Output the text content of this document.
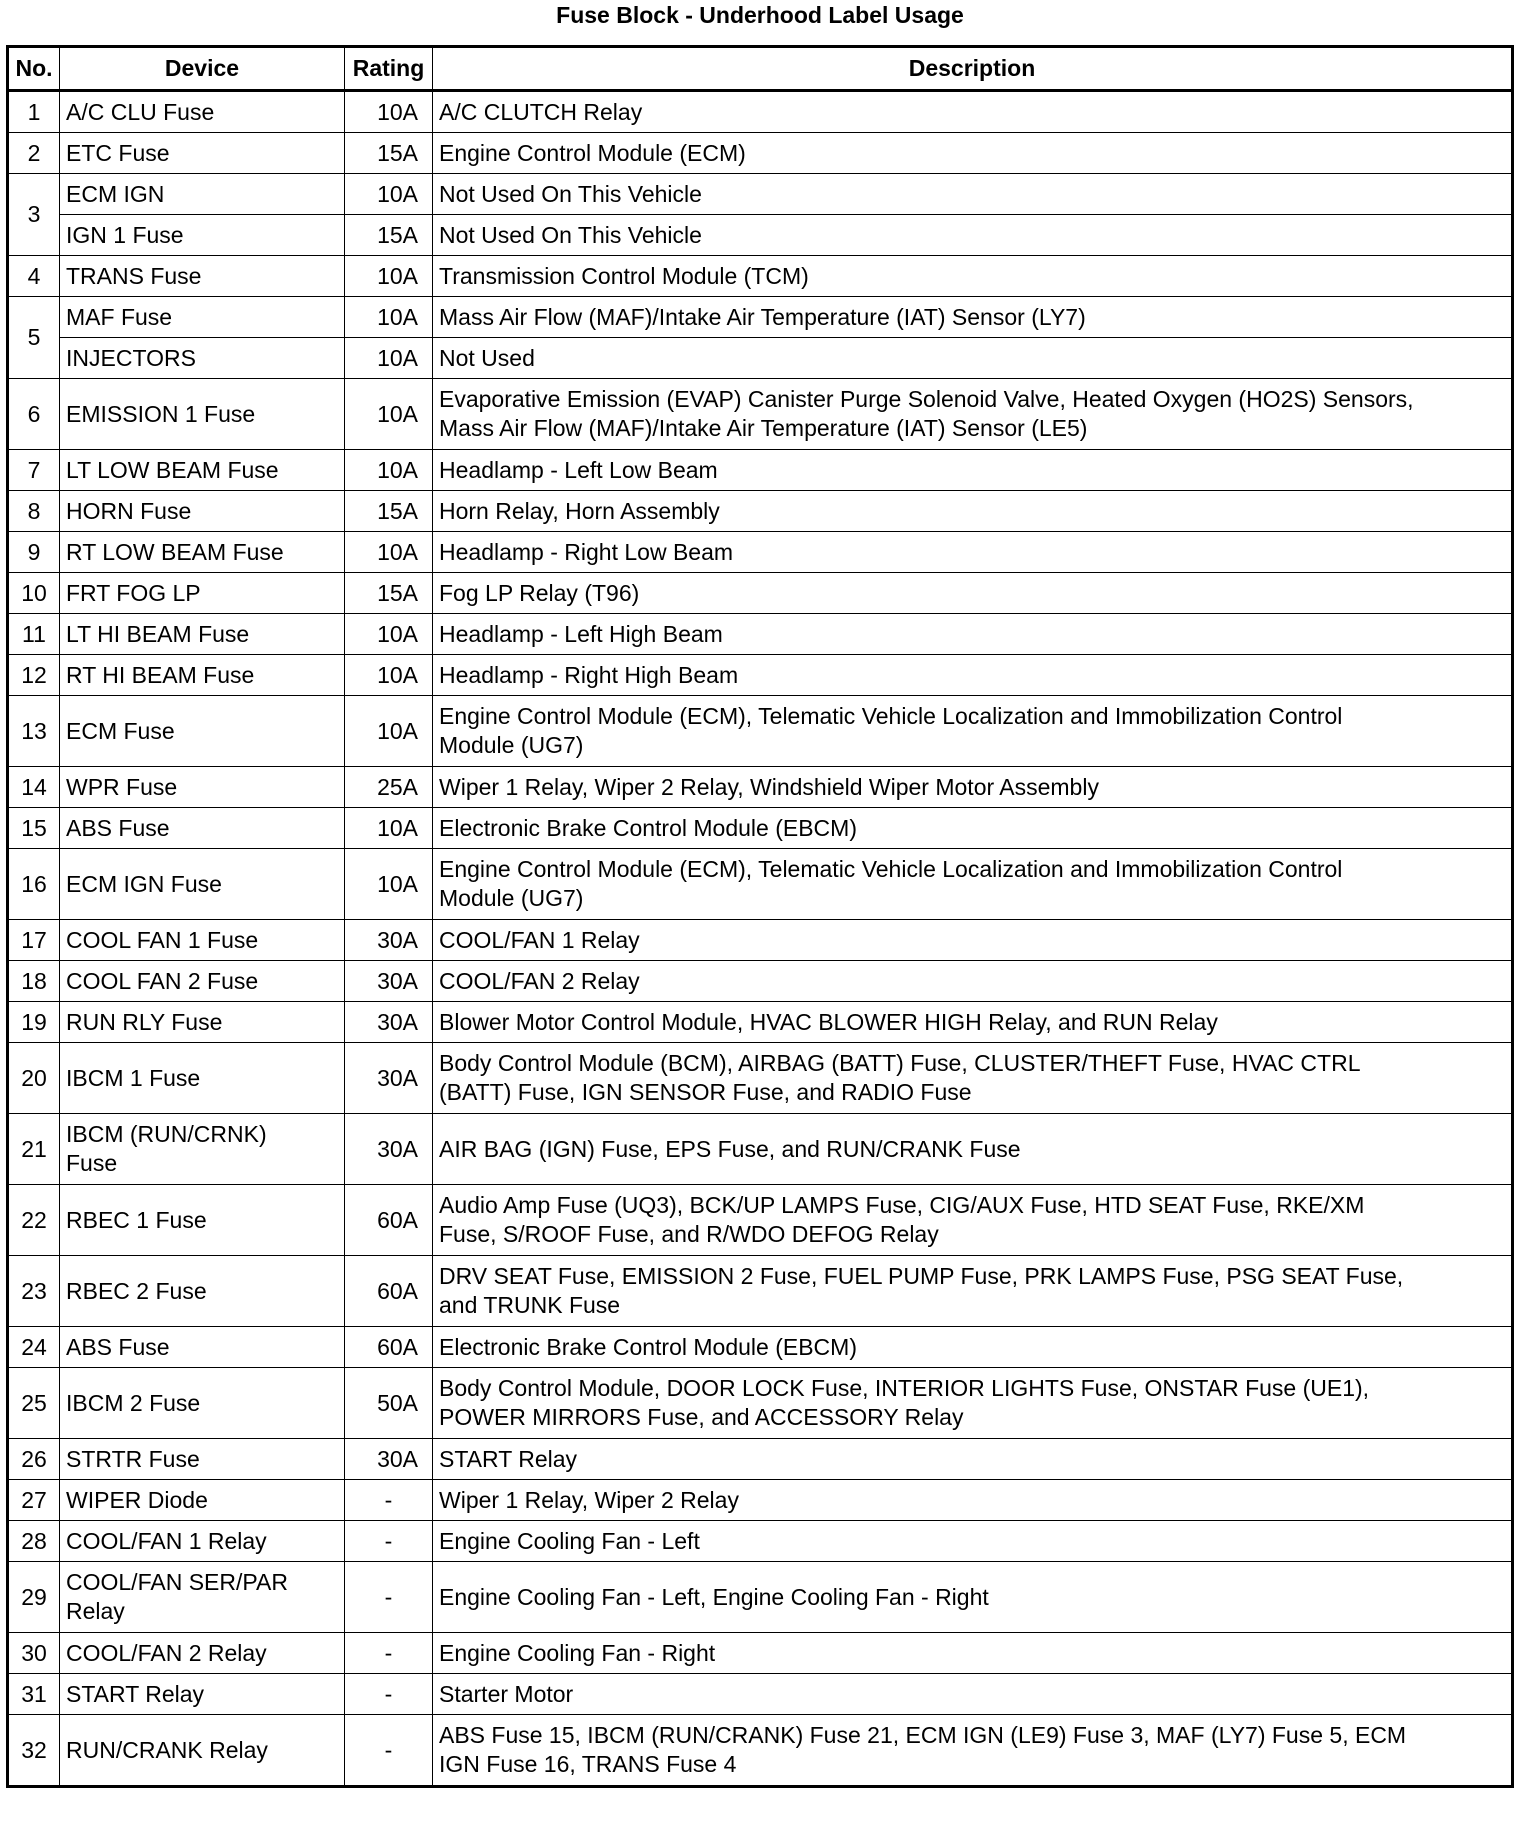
Fuse Block - Underhood Label Usage
No.	Device	Rating	Description
1	A/C CLU Fuse	10A	A/C CLUTCH Relay

2	ETC Fuse	15A	Engine Control Module (ECM)

3	ECM IGN	10A	Not Used On This Vehicle

	IGN 1 Fuse	15A	Not Used On This Vehicle

4	TRANS Fuse	10A	Transmission Control Module (TCM)

5	MAF Fuse	10A	Mass Air Flow (MAF)/Intake Air Temperature (IAT) Sensor (LY7)

	INJECTORS	10A	Not Used

6	EMISSION 1 Fuse	10A	Evaporative Emission (EVAP) Canister Purge Solenoid Valve, Heated Oxygen (HO2S) Sensors,
Mass Air Flow (MAF)/Intake Air Temperature (IAT) Sensor (LE5)

7	LT LOW BEAM Fuse	10A	Headlamp - Left Low Beam

8	HORN Fuse	15A	Horn Relay, Horn Assembly

9	RT LOW BEAM Fuse	10A	Headlamp - Right Low Beam

10	FRT FOG LP	15A	Fog LP Relay (T96)

11	LT HI BEAM Fuse	10A	Headlamp - Left High Beam

12	RT HI BEAM Fuse	10A	Headlamp - Right High Beam

13	ECM Fuse	10A	Engine Control Module (ECM), Telematic Vehicle Localization and Immobilization Control
Module (UG7)

14	WPR Fuse	25A	Wiper 1 Relay, Wiper 2 Relay, Windshield Wiper Motor Assembly

15	ABS Fuse	10A	Electronic Brake Control Module (EBCM)

16	ECM IGN Fuse	10A	Engine Control Module (ECM), Telematic Vehicle Localization and Immobilization Control
Module (UG7)

17	COOL FAN 1 Fuse	30A	COOL/FAN 1 Relay

18	COOL FAN 2 Fuse	30A	COOL/FAN 2 Relay

19	RUN RLY Fuse	30A	Blower Motor Control Module, HVAC BLOWER HIGH Relay, and RUN Relay

20	IBCM 1 Fuse	30A	Body Control Module (BCM), AIRBAG (BATT) Fuse, CLUSTER/THEFT Fuse, HVAC CTRL
(BATT) Fuse, IGN SENSOR Fuse, and RADIO Fuse

21	IBCM (RUN/CRNK)
Fuse	30A	AIR BAG (IGN) Fuse, EPS Fuse, and RUN/CRANK Fuse

22	RBEC 1 Fuse	60A	Audio Amp Fuse (UQ3), BCK/UP LAMPS Fuse, CIG/AUX Fuse, HTD SEAT Fuse, RKE/XM
Fuse, S/ROOF Fuse, and R/WDO DEFOG Relay

23	RBEC 2 Fuse	60A	DRV SEAT Fuse, EMISSION 2 Fuse, FUEL PUMP Fuse, PRK LAMPS Fuse, PSG SEAT Fuse,
and TRUNK Fuse

24	ABS Fuse	60A	Electronic Brake Control Module (EBCM)

25	IBCM 2 Fuse	50A	Body Control Module, DOOR LOCK Fuse, INTERIOR LIGHTS Fuse, ONSTAR Fuse (UE1),
POWER MIRRORS Fuse, and ACCESSORY Relay

26	STRTR Fuse	30A	START Relay

27	WIPER Diode	-	Wiper 1 Relay, Wiper 2 Relay

28	COOL/FAN 1 Relay	-	Engine Cooling Fan - Left

29	COOL/FAN SER/PAR
Relay	-	Engine Cooling Fan - Left, Engine Cooling Fan - Right

30	COOL/FAN 2 Relay	-	Engine Cooling Fan - Right

31	START Relay	-	Starter Motor

32	RUN/CRANK Relay	-	ABS Fuse 15, IBCM (RUN/CRANK) Fuse 21, ECM IGN (LE9) Fuse 3, MAF (LY7) Fuse 5, ECM
IGN Fuse 16, TRANS Fuse 4
